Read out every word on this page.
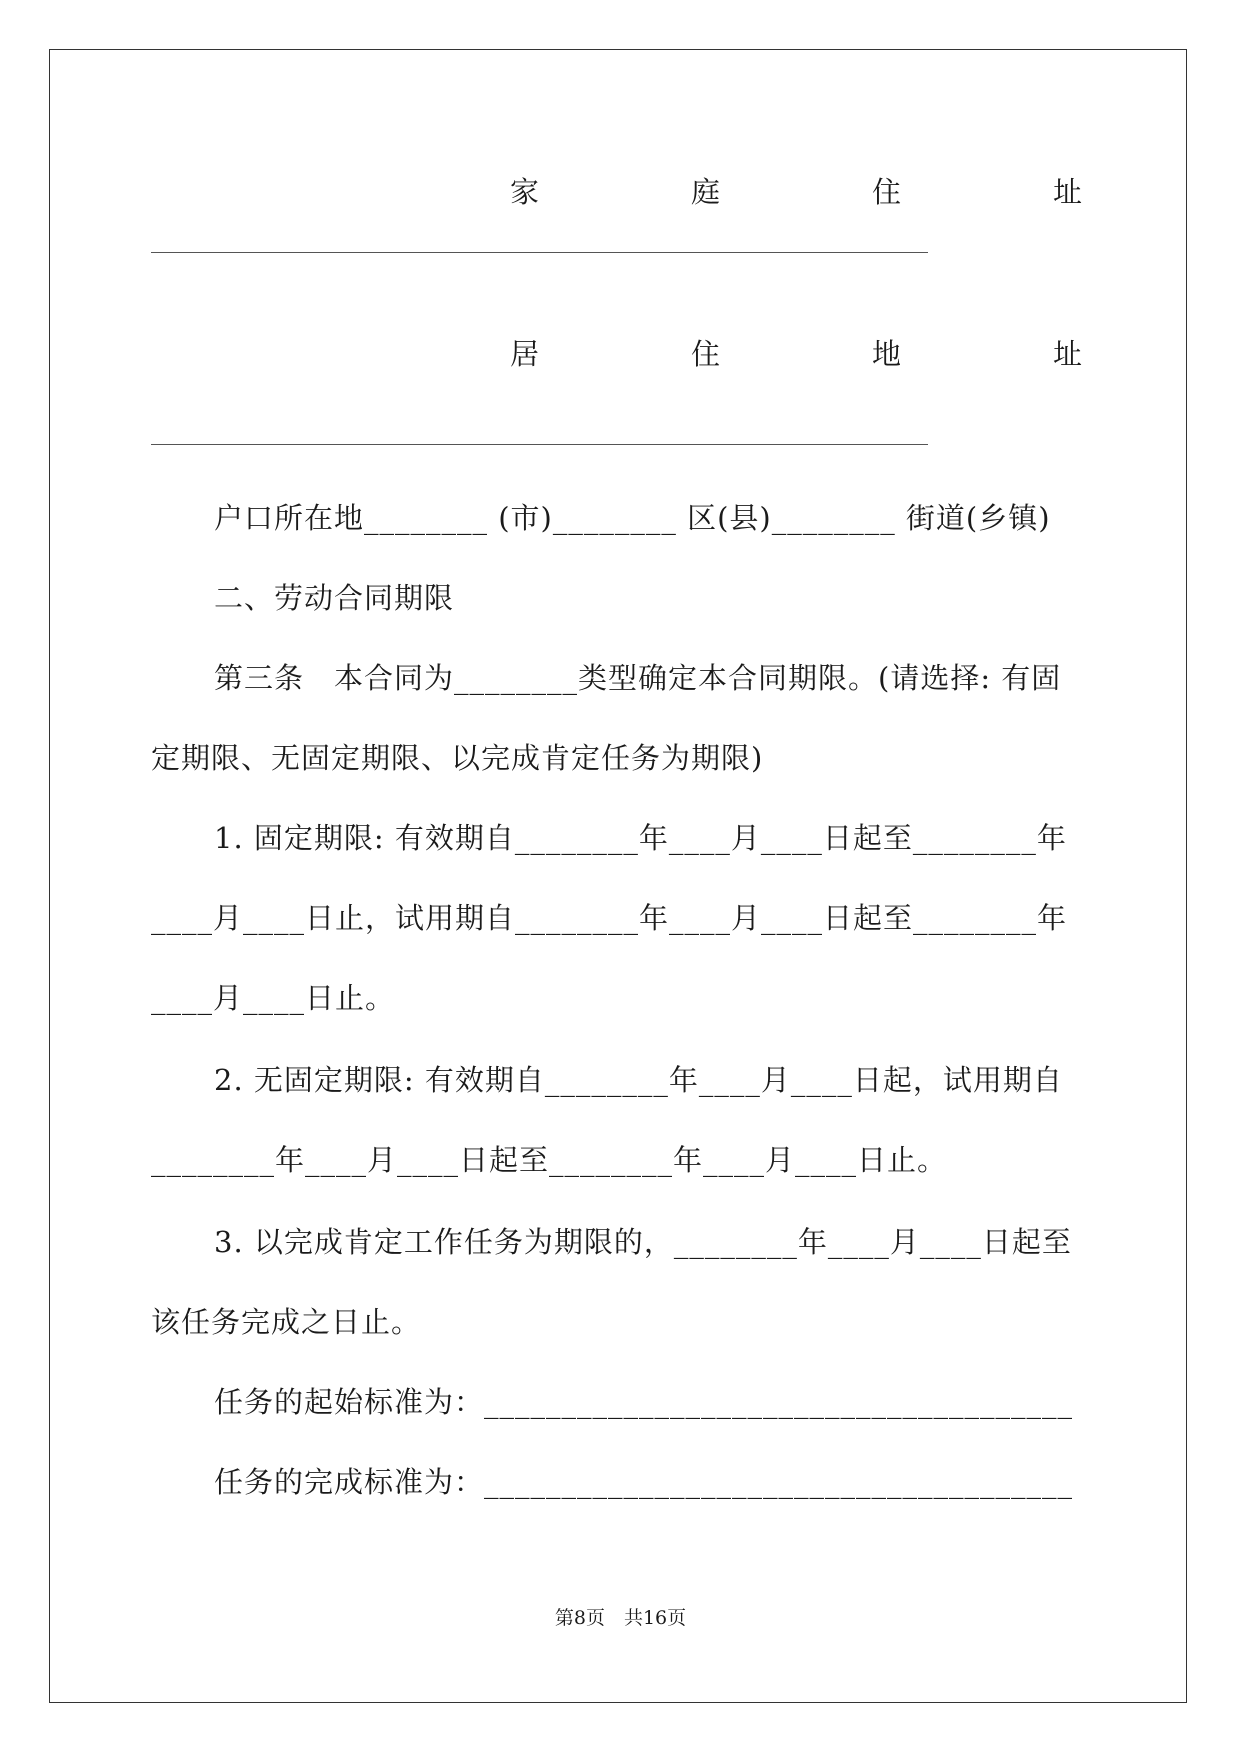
家	庭	住	址
居	住	地	址
户口所在地________ (市)________ 区(县)________ 街道(乡镇)
二、劳动合同期限
第三条　本合同为________类型确定本合同期限。(请选择: 有固
定期限、无固定期限、以完成肯定任务为期限)
1. 固定期限: 有效期自________年____月____日起至________年
____月____日止，试用期自________年____月____日起至________年
____月____日止。
2. 无固定期限: 有效期自________年____月____日起，试用期自
________年____月____日起至________年____月____日止。
3. 以完成肯定工作任务为期限的，________年____月____日起至
该任务完成之日止。
任务的起始标准为：______________________________________
任务的完成标准为：______________________________________
第8页　共16页
